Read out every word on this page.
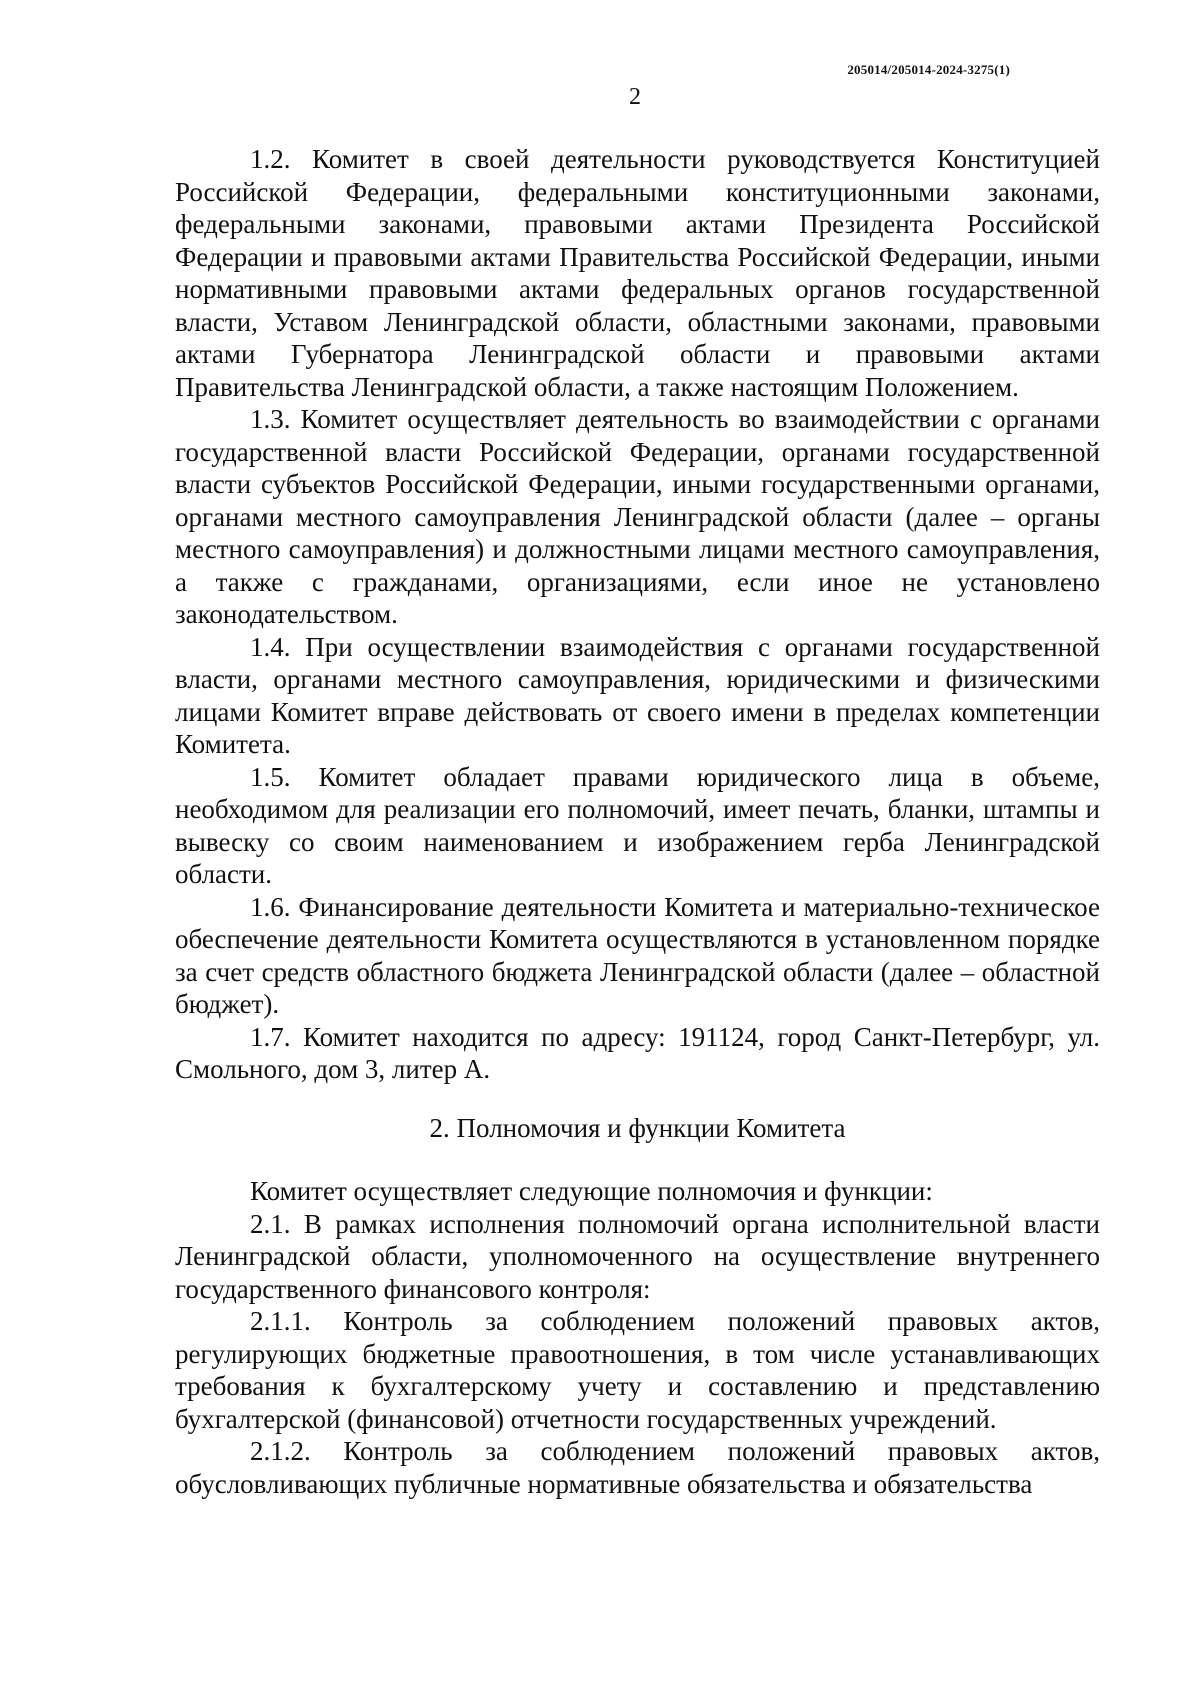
205014/205014-2024-3275(1)
2

1.2. Комитет в своей деятельности руководствуется Конституцией Российской Федерации, федеральными конституционными законами, федеральными законами, правовыми актами Президента Российской Федерации и правовыми актами Правительства Российской Федерации, иными нормативными правовыми актами федеральных органов государственной власти, Уставом Ленинградской области, областными законами, правовыми актами Губернатора Ленинградской области и правовыми актами Правительства Ленинградской области, а также настоящим Положением.

1.3. Комитет осуществляет деятельность во взаимодействии с органами государственной власти Российской Федерации, органами государственной власти субъектов Российской Федерации, иными государственными органами, органами местного самоуправления Ленинградской области (далее – органы местного самоуправления) и должностными лицами местного самоуправления, а также с гражданами, организациями, если иное не установлено законодательством.

1.4. При осуществлении взаимодействия с органами государственной власти, органами местного самоуправления, юридическими и физическими лицами Комитет вправе действовать от своего имени в пределах компетенции Комитета.

1.5. Комитет обладает правами юридического лица в объеме, необходимом для реализации его полномочий, имеет печать, бланки, штампы и вывеску со своим наименованием и изображением герба Ленинградской области.

1.6. Финансирование деятельности Комитета и материально-техническое обеспечение деятельности Комитета осуществляются в установленном порядке за счет средств областного бюджета Ленинградской области (далее – областной бюджет).

1.7. Комитет находится по адресу: 191124, город Санкт-Петербург, ул. Смольного, дом 3, литер А.

2. Полномочия и функции Комитета

Комитет осуществляет следующие полномочия и функции:

2.1. В рамках исполнения полномочий органа исполнительной власти Ленинградской области, уполномоченного на осуществление внутреннего государственного финансового контроля:

2.1.1. Контроль за соблюдением положений правовых актов, регулирующих бюджетные правоотношения, в том числе устанавливающих требования к бухгалтерскому учету и составлению и представлению бухгалтерской (финансовой) отчетности государственных учреждений.

2.1.2. Контроль за соблюдением положений правовых актов, обусловливающих публичные нормативные обязательства и обязательства
